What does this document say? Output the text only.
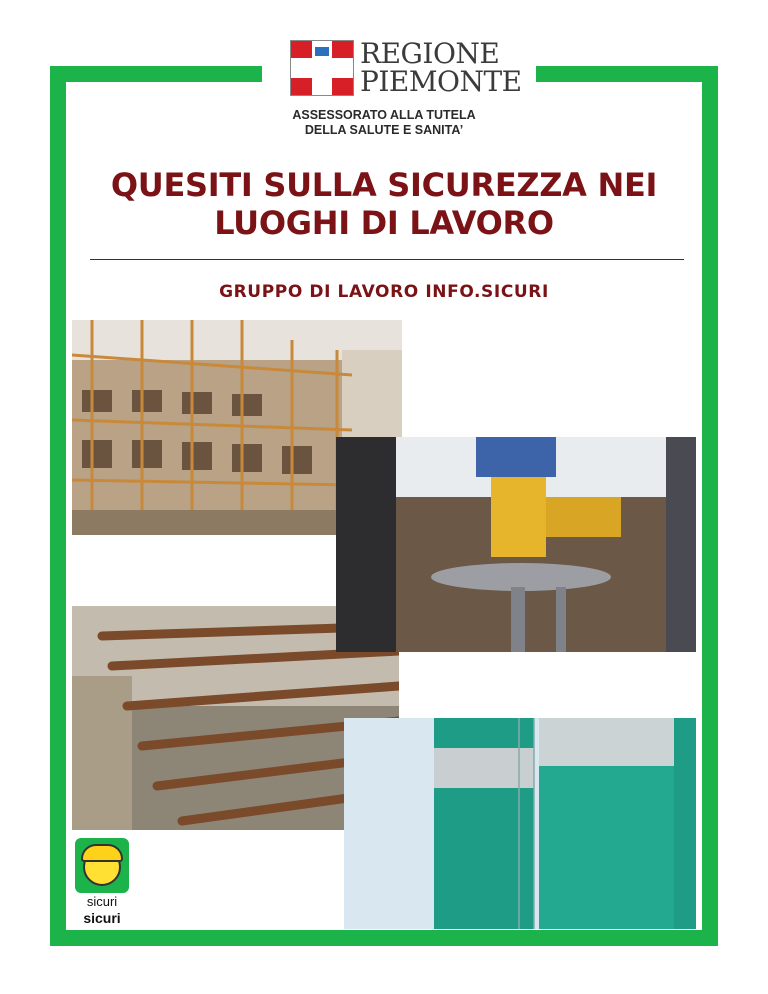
REGIONE
PIEMONTE
ASSESSORATO ALLA TUTELA
DELLA SALUTE E SANITA’
QUESITI SULLA SICUREZZA NEI
LUOGHI DI LAVORO
GRUPPO DI LAVORO INFO.SICURI
sicuri
sicuri
